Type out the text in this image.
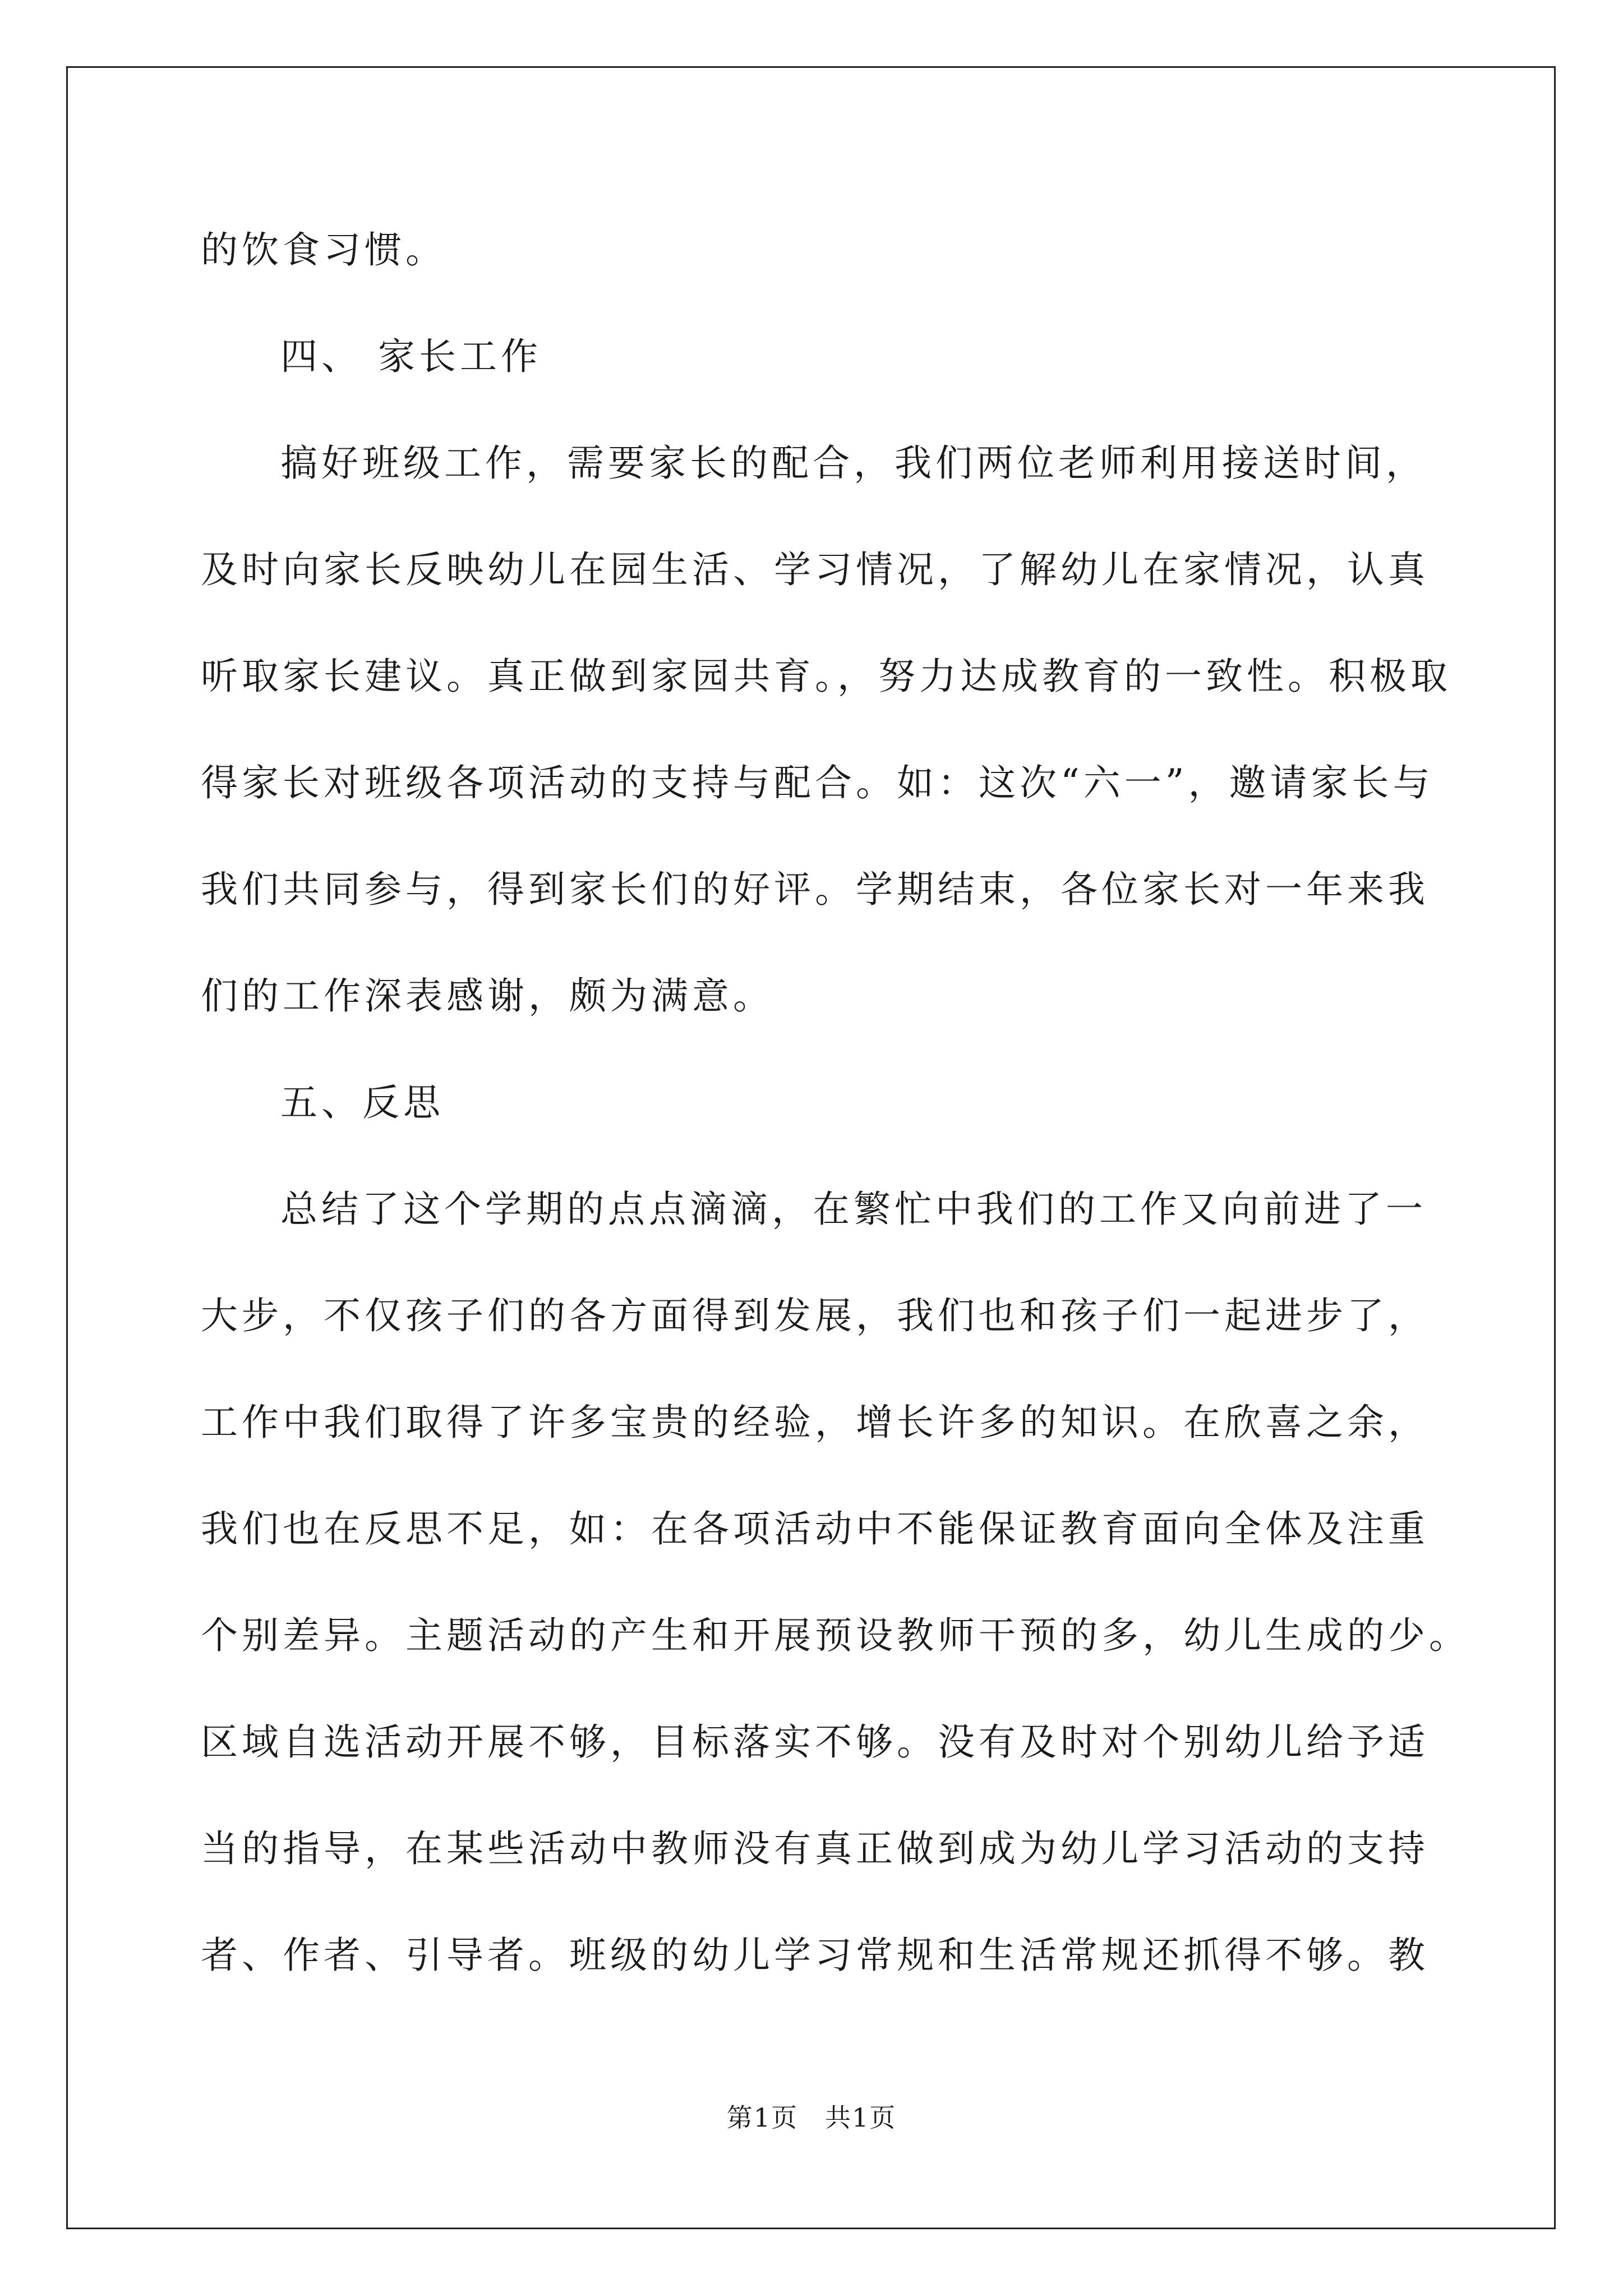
的饮食习惯。
四、 家长工作
搞好班级工作，需要家长的配合，我们两位老师利用接送时间，
及时向家长反映幼儿在园生活、学习情况，了解幼儿在家情况，认真
听取家长建议。真正做到家园共育。，努力达成教育的一致性。积极取
得家长对班级各项活动的支持与配合。如：这次“六一”，邀请家长与
我们共同参与，得到家长们的好评。学期结束，各位家长对一年来我
们的工作深表感谢，颇为满意。
五、反思
总结了这个学期的点点滴滴，在繁忙中我们的工作又向前进了一
大步，不仅孩子们的各方面得到发展，我们也和孩子们一起进步了，
工作中我们取得了许多宝贵的经验，增长许多的知识。在欣喜之余，
我们也在反思不足，如：在各项活动中不能保证教育面向全体及注重
个别差异。主题活动的产生和开展预设教师干预的多，幼儿生成的少。
区域自选活动开展不够，目标落实不够。没有及时对个别幼儿给予适
当的指导，在某些活动中教师没有真正做到成为幼儿学习活动的支持
者、作者、引导者。班级的幼儿学习常规和生活常规还抓得不够。教
第1页 共1页
